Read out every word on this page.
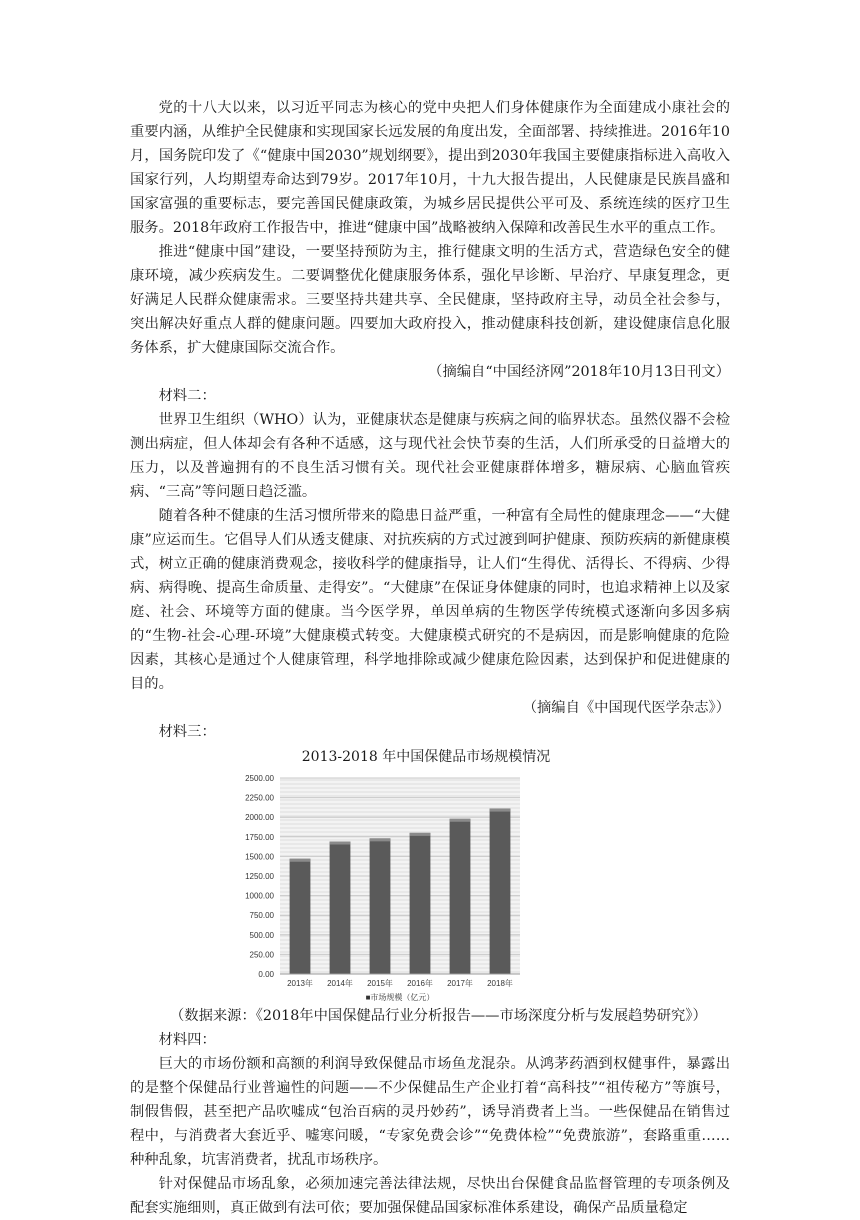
党的十八大以来，以习近平同志为核心的党中央把人们身体健康作为全面建成小康社会的重要内涵，从维护全民健康和实现国家长远发展的角度出发，全面部署、持续推进。2016年10月，国务院印发了《“健康中国2030”规划纲要》，提出到2030年我国主要健康指标进入高收入国家行列，人均期望寿命达到79岁。2017年10月，十九大报告提出，人民健康是民族昌盛和国家富强的重要标志，要完善国民健康政策，为城乡居民提供公平可及、系统连续的医疗卫生服务。2018年政府工作报告中，推进“健康中国”战略被纳入保障和改善民生水平的重点工作。

推进“健康中国”建设，一要坚持预防为主，推行健康文明的生活方式，营造绿色安全的健康环境，减少疾病发生。二要调整优化健康服务体系，强化早诊断、早治疗、早康复理念，更好满足人民群众健康需求。三要坚持共建共享、全民健康，坚持政府主导，动员全社会参与，突出解决好重点人群的健康问题。四要加大政府投入，推动健康科技创新，建设健康信息化服务体系，扩大健康国际交流合作。

（摘编自“中国经济网”2018年10月13日刊文）

材料二：

世界卫生组织（WHO）认为，亚健康状态是健康与疾病之间的临界状态。虽然仪器不会检测出病症，但人体却会有各种不适感，这与现代社会快节奏的生活，人们所承受的日益增大的压力，以及普遍拥有的不良生活习惯有关。现代社会亚健康群体增多，糖尿病、心脑血管疾病、“三高”等问题日趋泛滥。

随着各种不健康的生活习惯所带来的隐患日益严重，一种富有全局性的健康理念——“大健康”应运而生。它倡导人们从透支健康、对抗疾病的方式过渡到呵护健康、预防疾病的新健康模式，树立正确的健康消费观念，接收科学的健康指导，让人们“生得优、活得长、不得病、少得病、病得晚、提高生命质量、走得安”。“大健康”在保证身体健康的同时，也追求精神上以及家庭、社会、环境等方面的健康。当今医学界，单因单病的生物医学传统模式逐渐向多因多病的“生物-社会-心理-环境”大健康模式转变。大健康模式研究的不是病因，而是影响健康的危险因素，其核心是通过个人健康管理，科学地排除或减少健康危险因素，达到保护和促进健康的目的。

（摘编自《中国现代医学杂志》）

材料三：

2013-2018 年中国保健品市场规模情况
0.00
250.00
500.00
750.00
1000.00
1250.00
1500.00
1750.00
2000.00
2250.00
2500.00
2013年 2014年 2015年 2016年 2017年 2018年
■市场规模（亿元）

（数据来源：《2018年中国保健品行业分析报告——市场深度分析与发展趋势研究》）

材料四：

巨大的市场份额和高额的利润导致保健品市场鱼龙混杂。从鸿茅药酒到权健事件，暴露出的是整个保健品行业普遍性的问题——不少保健品生产企业打着“高科技”“祖传秘方”等旗号，制假售假，甚至把产品吹嘘成“包治百病的灵丹妙药”，诱导消费者上当。一些保健品在销售过程中，与消费者大套近乎、嘘寒问暖，“专家免费会诊”“免费体检”“免费旅游”，套路重重……种种乱象，坑害消费者，扰乱市场秩序。

针对保健品市场乱象，必须加速完善法律法规，尽快出台保健食品监督管理的专项条例及配套实施细则，真正做到有法可依；要加强保健品国家标准体系建设，确保产品质量稳定
